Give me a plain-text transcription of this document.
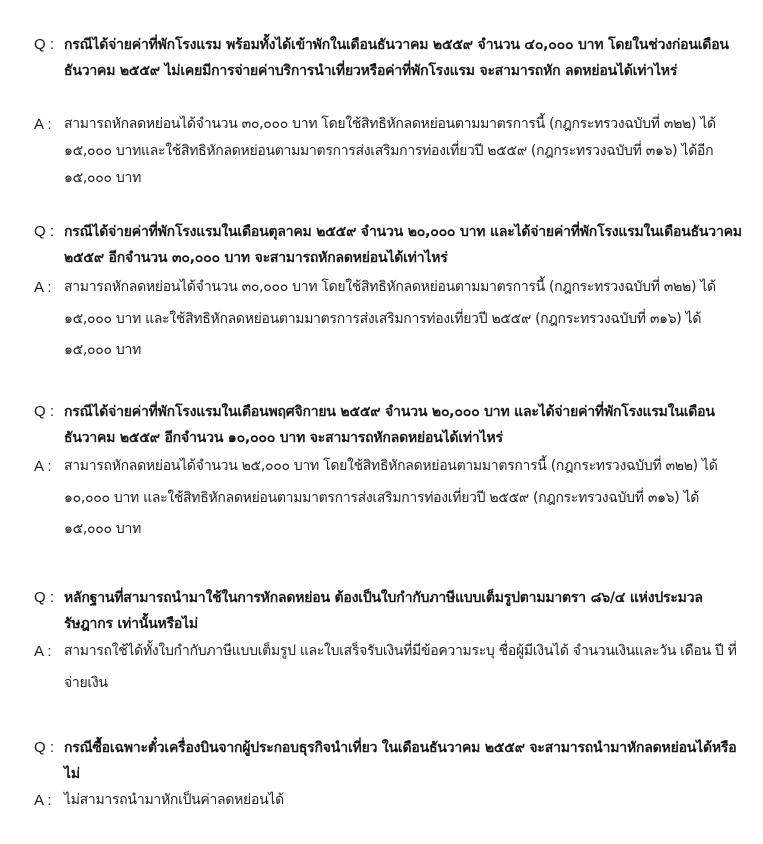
Q : กรณีได้จ่ายค่าที่พักโรงแรม พร้อมทั้งได้เข้าพักในเดือนธันวาคม ๒๕๕๙ จำนวน ๔๐,๐๐๐ บาท โดยในช่วงก่อนเดือนธันวาคม ๒๕๕๙ ไม่เคยมีการจ่ายค่าบริการนำเที่ยวหรือค่าที่พักโรงแรม จะสามารถหัก ลดหย่อนได้เท่าไหร่
A : สามารถหักลดหย่อนได้จำนวน ๓๐,๐๐๐ บาท โดยใช้สิทธิหักลดหย่อนตามมาตรการนี้ (กฎกระทรวงฉบับที่ ๓๒๒) ได้ ๑๕,๐๐๐ บาทและใช้สิทธิหักลดหย่อนตามมาตรการส่งเสริมการท่องเที่ยวปี ๒๕๕๙ (กฎกระทรวงฉบับที่ ๓๑๖) ได้อีก ๑๕,๐๐๐ บาท
Q : กรณีได้จ่ายค่าที่พักโรงแรมในเดือนตุลาคม ๒๕๕๙ จำนวน ๒๐,๐๐๐ บาท และได้จ่ายค่าที่พักโรงแรมในเดือนธันวาคม ๒๕๕๙ อีกจำนวน ๓๐,๐๐๐ บาท จะสามารถหักลดหย่อนได้เท่าไหร่
A : สามารถหักลดหย่อนได้จำนวน ๓๐,๐๐๐ บาท โดยใช้สิทธิหักลดหย่อนตามมาตรการนี้ (กฎกระทรวงฉบับที่ ๓๒๒) ได้ ๑๕,๐๐๐ บาท และใช้สิทธิหักลดหย่อนตามมาตรการส่งเสริมการท่องเที่ยวปี ๒๕๕๙ (กฎกระทรวงฉบับที่ ๓๑๖) ได้ ๑๕,๐๐๐ บาท
Q : กรณีได้จ่ายค่าที่พักโรงแรมในเดือนพฤศจิกายน ๒๕๕๙ จำนวน ๒๐,๐๐๐ บาท และได้จ่ายค่าที่พักโรงแรมในเดือนธันวาคม ๒๕๕๙ อีกจำนวน ๑๐,๐๐๐ บาท จะสามารถหักลดหย่อนได้เท่าไหร่
A : สามารถหักลดหย่อนได้จำนวน ๒๕,๐๐๐ บาท โดยใช้สิทธิหักลดหย่อนตามมาตรการนี้ (กฎกระทรวงฉบับที่ ๓๒๒) ได้ ๑๐,๐๐๐ บาท และใช้สิทธิหักลดหย่อนตามมาตรการส่งเสริมการท่องเที่ยวปี ๒๕๕๙ (กฎกระทรวงฉบับที่ ๓๑๖) ได้ ๑๕,๐๐๐ บาท
Q : หลักฐานที่สามารถนำมาใช้ในการหักลดหย่อน ต้องเป็นใบกำกับภาษีแบบเต็มรูปตามมาตรา ๘๖/๔ แห่งประมวลรัษฎากร เท่านั้นหรือไม่
A : สามารถใช้ได้ทั้งใบกำกับภาษีแบบเต็มรูป และใบเสร็จรับเงินที่มีข้อความระบุ ชื่อผู้มีเงินได้ จำนวนเงินและวัน เดือน ปี ที่จ่ายเงิน
Q : กรณีซื้อเฉพาะตั๋วเครื่องบินจากผู้ประกอบธุรกิจนำเที่ยว ในเดือนธันวาคม ๒๕๕๙ จะสามารถนำมาหักลดหย่อนได้หรือไม่
A : ไม่สามารถนำมาหักเป็นค่าลดหย่อนได้
